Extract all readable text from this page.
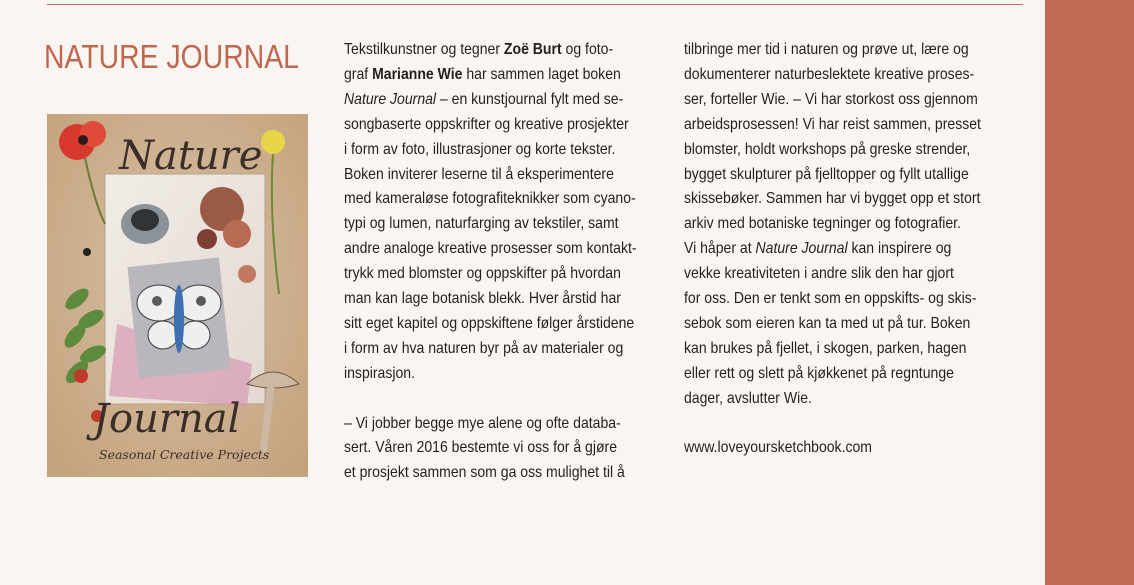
NATURE JOURNAL
Nature
Journal
Seasonal Creative Projects

Tekstilkunstner og tegner Zoë Burt og foto-
graf Marianne Wie har sammen laget boken
Nature Journal – en kunstjournal fylt med se-
songbaserte oppskrifter og kreative prosjekter
i form av foto, illustrasjoner og korte tekster.
Boken inviterer leserne til å eksperimentere
med kameraløse fotografiteknikker som cyano-
typi og lumen, naturfarging av tekstiler, samt
andre analoge kreative prosesser som kontakt-
trykk med blomster og oppskifter på hvordan
man kan lage botanisk blekk. Hver årstid har
sitt eget kapitel og oppskiftene følger årstidene
i form av hva naturen byr på av materialer og
inspirasjon.

– Vi jobber begge mye alene og ofte databa-
sert. Våren 2016 bestemte vi oss for å gjøre
et prosjekt sammen som ga oss mulighet til å

tilbringe mer tid i naturen og prøve ut, lære og
dokumenterer naturbeslektete kreative proses-
ser, forteller Wie. – Vi har storkost oss gjennom
arbeidsprosessen! Vi har reist sammen, presset
blomster, holdt workshops på greske strender,
bygget skulpturer på fjelltopper og fyllt utallige
skissebøker. Sammen har vi bygget opp et stort
arkiv med botaniske tegninger og fotografier.
Vi håper at Nature Journal kan inspirere og
vekke kreativiteten i andre slik den har gjort
for oss. Den er tenkt som en oppskifts- og skis-
sebok som eieren kan ta med ut på tur. Boken
kan brukes på fjellet, i skogen, parken, hagen
eller rett og slett på kjøkkenet på regntunge
dager, avslutter Wie.

www.loveyoursketchbook.com
